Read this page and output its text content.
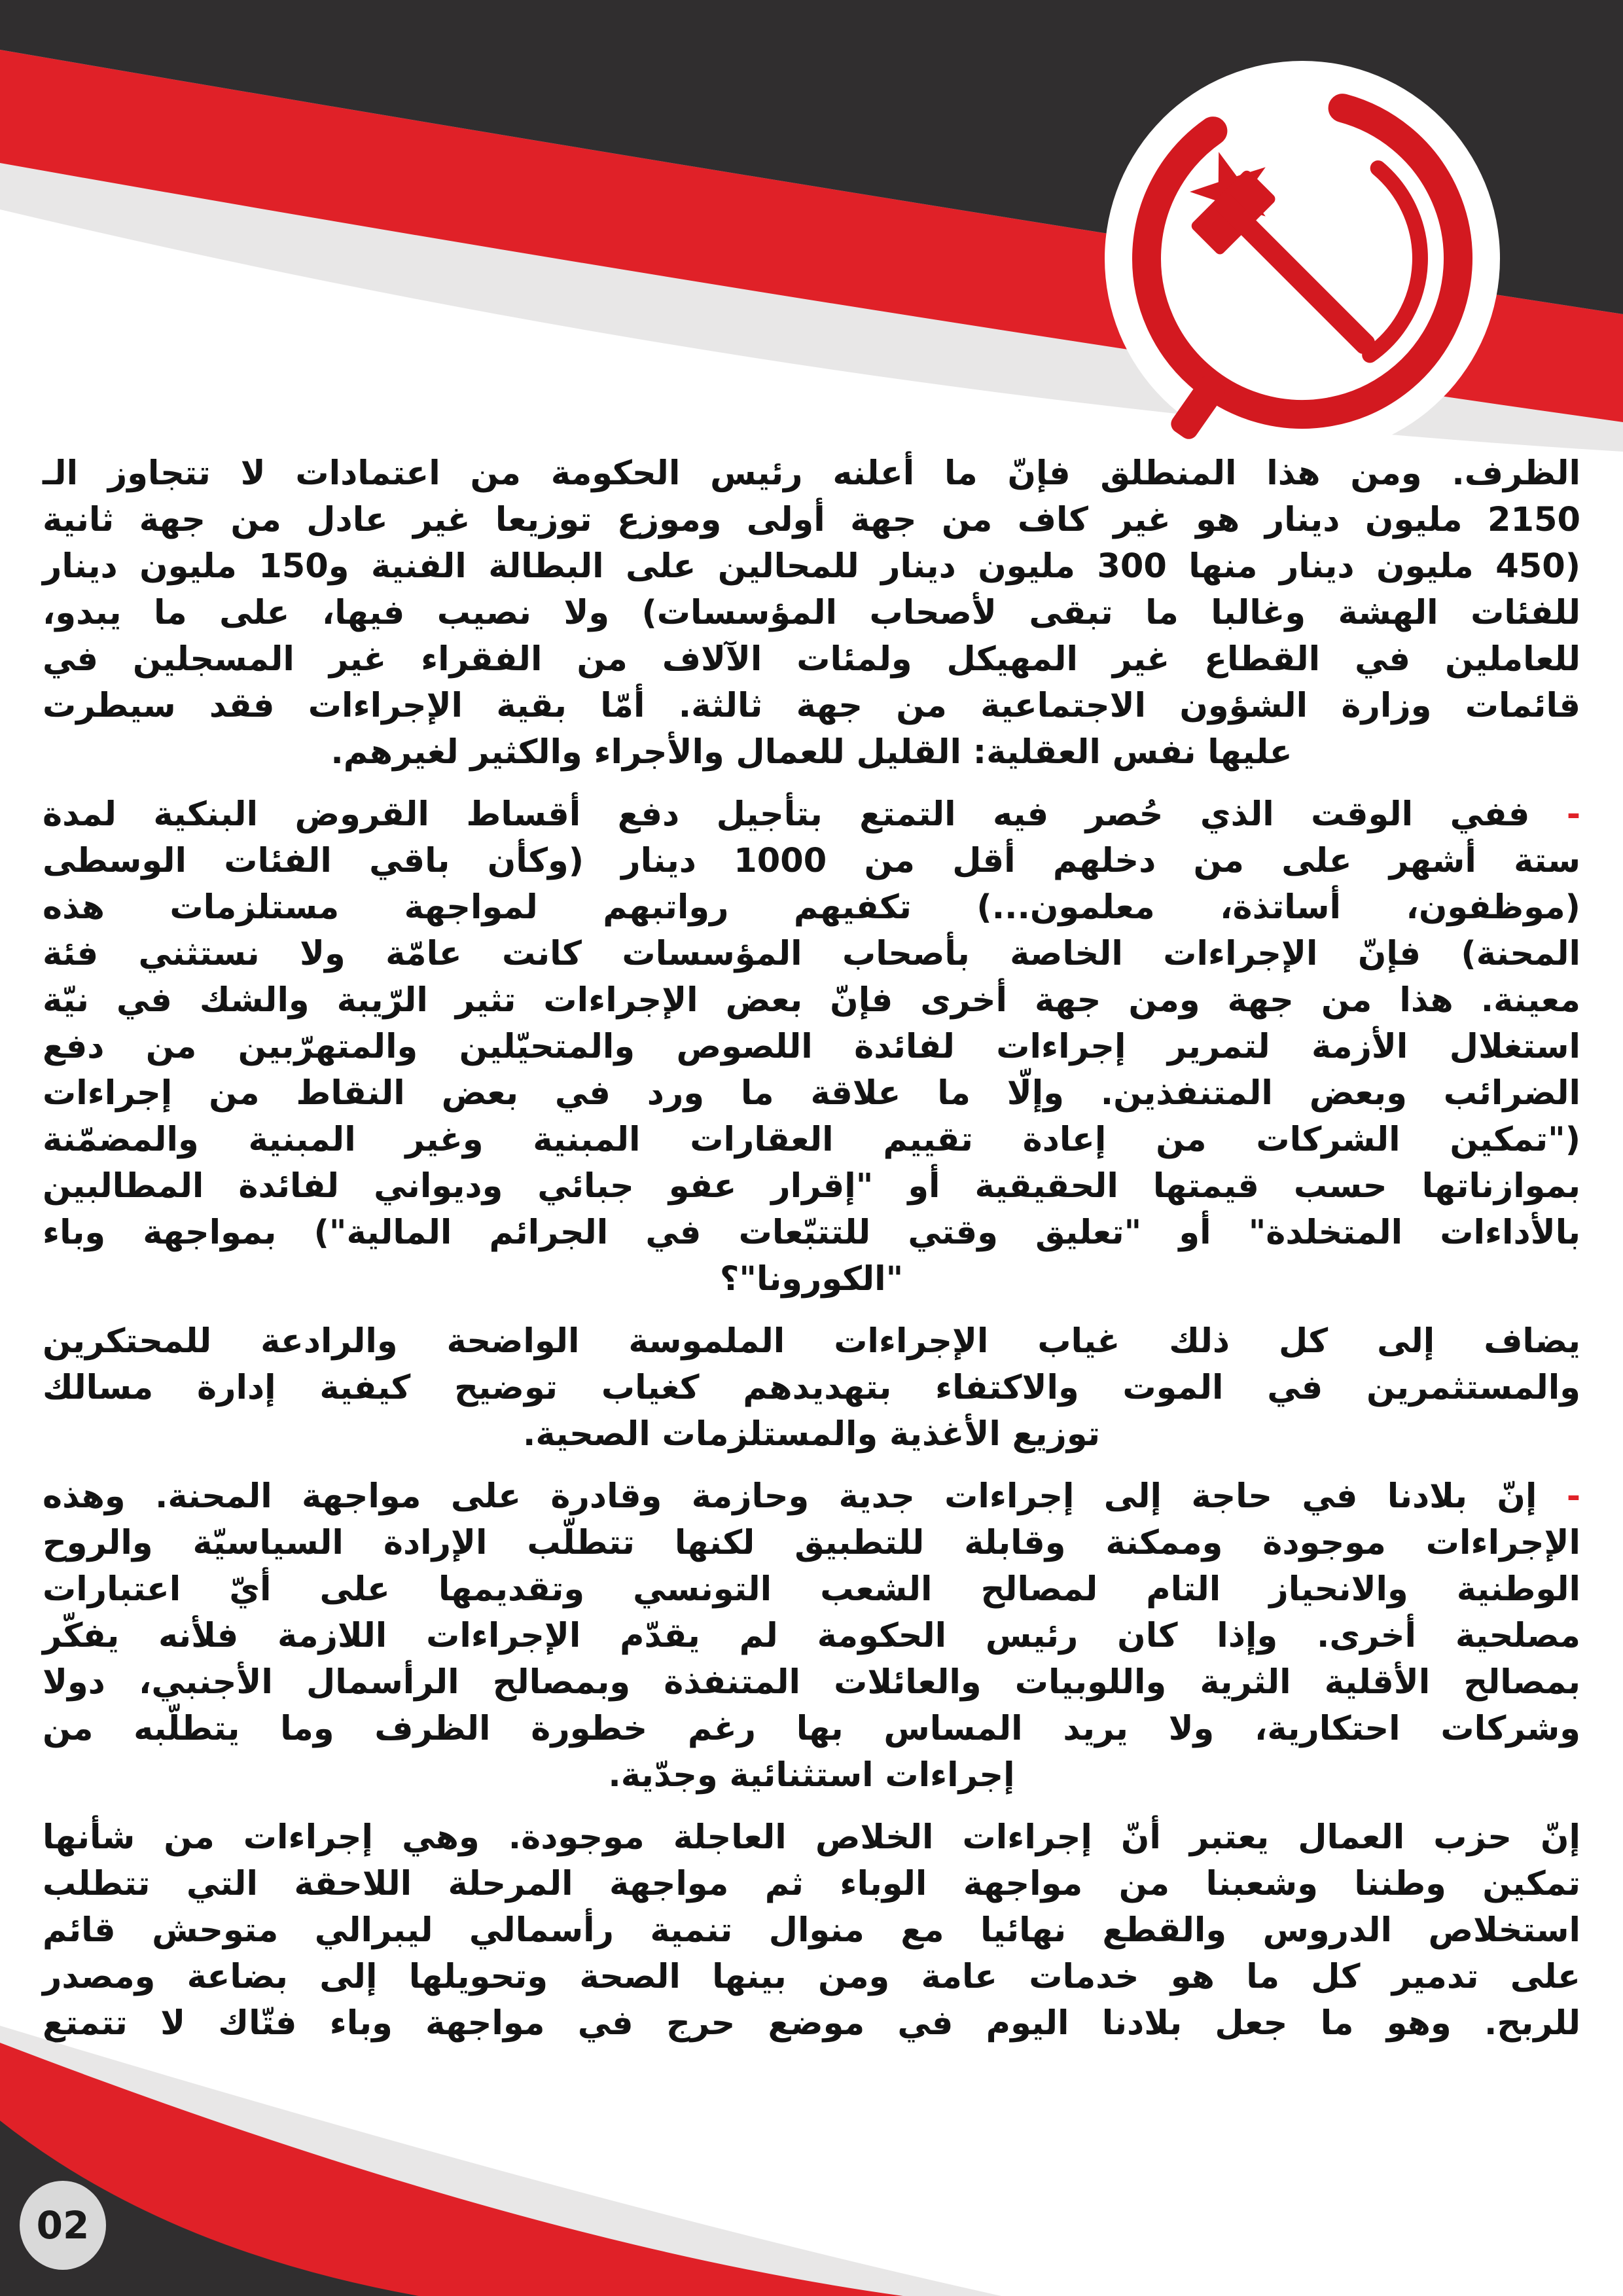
الظرف. ومن هذا المنطلق فإنّ ما أعلنه رئيس الحكومة من اعتمادات لا تتجاوز الـ
2150 مليون دينار هو غير كاف من جهة أولى وموزع توزيعا غير عادل من جهة ثانية
(450 مليون دينار منها 300 مليون دينار للمحالين على البطالة الفنية و150 مليون دينار
للفئات الهشة وغالبا ما تبقى لأصحاب المؤسسات) ولا نصيب فيها، على ما يبدو،
للعاملين في القطاع غير المهيكل ولمئات الآلاف من الفقراء غير المسجلين في
قائمات وزارة الشؤون الاجتماعية من جهة ثالثة. أمّا بقية الإجراءات فقد سيطرت
عليها نفس العقلية: القليل للعمال والأجراء والكثير لغيرهم.
- ففي الوقت الذي حُصر فيه التمتع بتأجيل دفع أقساط القروض البنكية لمدة
ستة أشهر على من دخلهم أقل من 1000 دينار (وكأن باقي الفئات الوسطى
(موظفون، أساتذة، معلمون...) تكفيهم رواتبهم لمواجهة مستلزمات هذه
المحنة) فإنّ الإجراءات الخاصة بأصحاب المؤسسات كانت عامّة ولا نستثني فئة
معينة. هذا من جهة ومن جهة أخرى فإنّ بعض الإجراءات تثير الرّيبة والشك في نيّة
استغلال الأزمة لتمرير إجراءات لفائدة اللصوص والمتحيّلين والمتهرّبين من دفع
الضرائب وبعض المتنفذين. وإلّا ما علاقة ما ورد في بعض النقاط من إجراءات
("تمكين الشركات من إعادة تقييم العقارات المبنية وغير المبنية والمضمّنة
بموازناتها حسب قيمتها الحقيقية أو "إقرار عفو جبائي وديواني لفائدة المطالبين
بالأداءات المتخلدة" أو "تعليق وقتي للتتبّعات في الجرائم المالية") بمواجهة وباء
"الكورونا"؟
يضاف إلى كل ذلك غياب الإجراءات الملموسة الواضحة والرادعة للمحتكرين
والمستثمرين في الموت والاكتفاء بتهديدهم كغياب توضيح كيفية إدارة مسالك
توزيع الأغذية والمستلزمات الصحية.
- إنّ بلادنا في حاجة إلى إجراءات جدية وحازمة وقادرة على مواجهة المحنة. وهذه
الإجراءات موجودة وممكنة وقابلة للتطبيق لكنها تتطلّب الإرادة السياسيّة والروح
الوطنية والانحياز التام لمصالح الشعب التونسي وتقديمها على أيّ اعتبارات
مصلحية أخرى. وإذا كان رئيس الحكومة لم يقدّم الإجراءات اللازمة فلأنه يفكّر
بمصالح الأقلية الثرية واللوبيات والعائلات المتنفذة وبمصالح الرأسمال الأجنبي، دولا
وشركات احتكارية، ولا يريد المساس بها رغم خطورة الظرف وما يتطلّبه من
إجراءات استثنائية وجدّية.
إنّ حزب العمال يعتبر أنّ إجراءات الخلاص العاجلة موجودة. وهي إجراءات من شأنها
تمكين وطننا وشعبنا من مواجهة الوباء ثم مواجهة المرحلة اللاحقة التي تتطلب
استخلاص الدروس والقطع نهائيا مع منوال تنمية رأسمالي ليبرالي متوحش قائم
على تدمير كل ما هو خدمات عامة ومن بينها الصحة وتحويلها إلى بضاعة ومصدر
للربح. وهو ما جعل بلادنا اليوم في موضع حرج في مواجهة وباء فتّاك لا تتمتع
02
